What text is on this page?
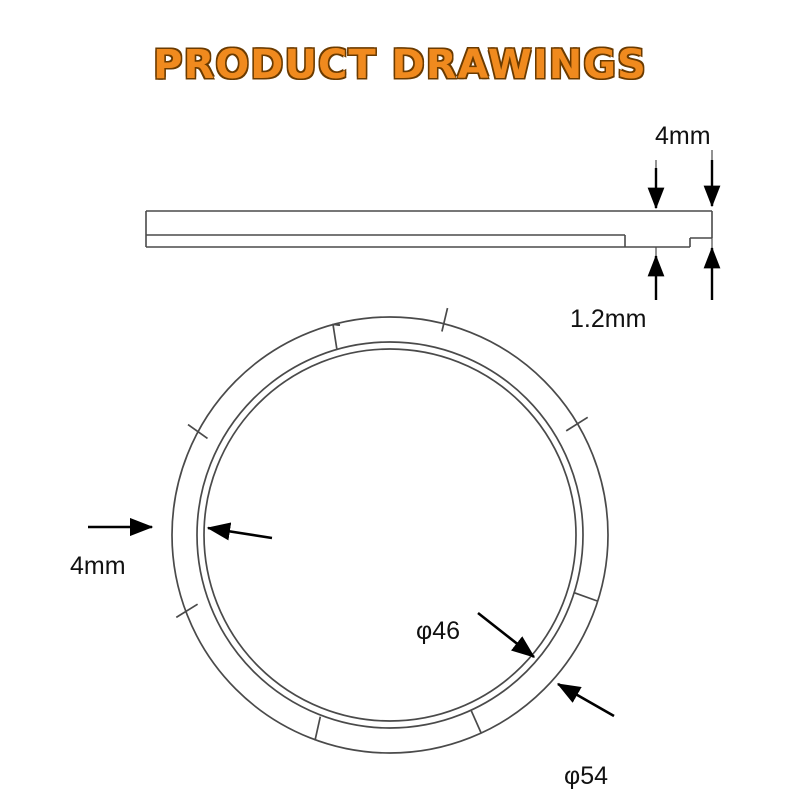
PRODUCT DRAWINGS
4mm
1.2mm
4mm
φ46
φ54
